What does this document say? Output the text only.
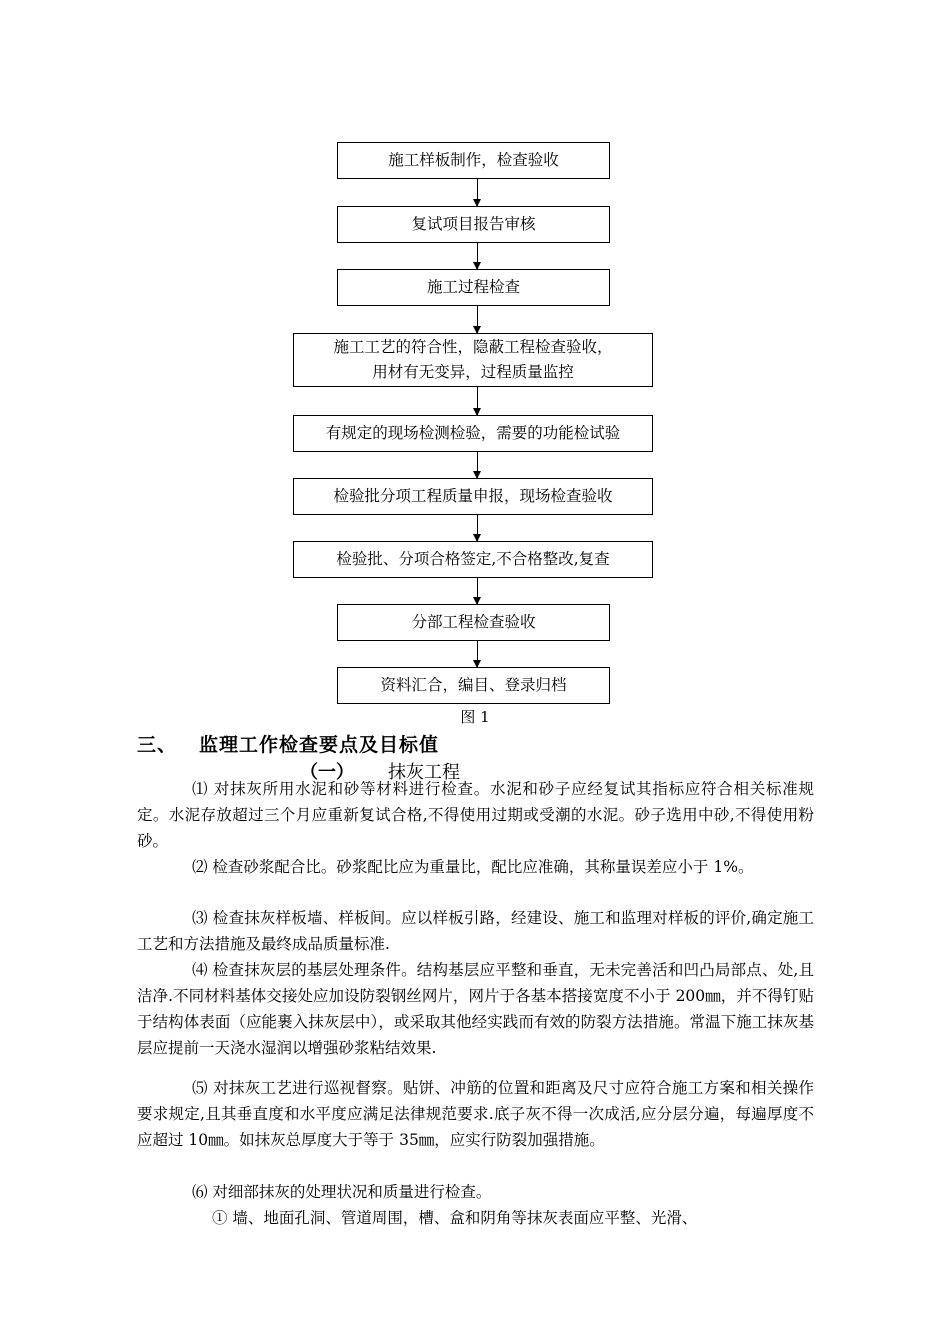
施工样板制作，检查验收
复试项目报告审核
施工过程检查
施工工艺的符合性，隐蔽工程检查验收，
用材有无变异，过程质量监控
有规定的现场检测检验，需要的功能检试验
检验批分项工程质量申报，现场检查验收
检验批、分项合格签定,不合格整改,复查
分部工程检查验收
资料汇合，编目、登录归档
图 1
三、 监理工作检查要点及目标值
（一） 抹灰工程

⑴ 对抹灰所用水泥和砂等材料进行检查。水泥和砂子应经复试其指标应符合相关标准规定。水泥存放超过三个月应重新复试合格,不得使用过期或受潮的水泥。砂子选用中砂,不得使用粉砂。

⑵ 检查砂浆配合比。砂浆配比应为重量比，配比应准确，其称量误差应小于 1%。

⑶ 检查抹灰样板墙、样板间。应以样板引路，经建设、施工和监理对样板的评价,确定施工工艺和方法措施及最终成品质量标准.

⑷ 检查抹灰层的基层处理条件。结构基层应平整和垂直，无未完善活和凹凸局部点、处,且洁净.不同材料基体交接处应加设防裂钢丝网片，网片于各基本搭接宽度不小于 200㎜，并不得钉贴于结构体表面（应能裹入抹灰层中），或采取其他经实践而有效的防裂方法措施。常温下施工抹灰基层应提前一天浇水湿润以增强砂浆粘结效果.

⑸ 对抹灰工艺进行巡视督察。贴饼、冲筋的位置和距离及尺寸应符合施工方案和相关操作要求规定,且其垂直度和水平度应满足法律规范要求.底子灰不得一次成活,应分层分遍，每遍厚度不应超过 10㎜。如抹灰总厚度大于等于 35㎜，应实行防裂加强措施。

⑹ 对细部抹灰的处理状况和质量进行检查。

① 墙、地面孔洞、管道周围，槽、盒和阴角等抹灰表面应平整、光滑、
